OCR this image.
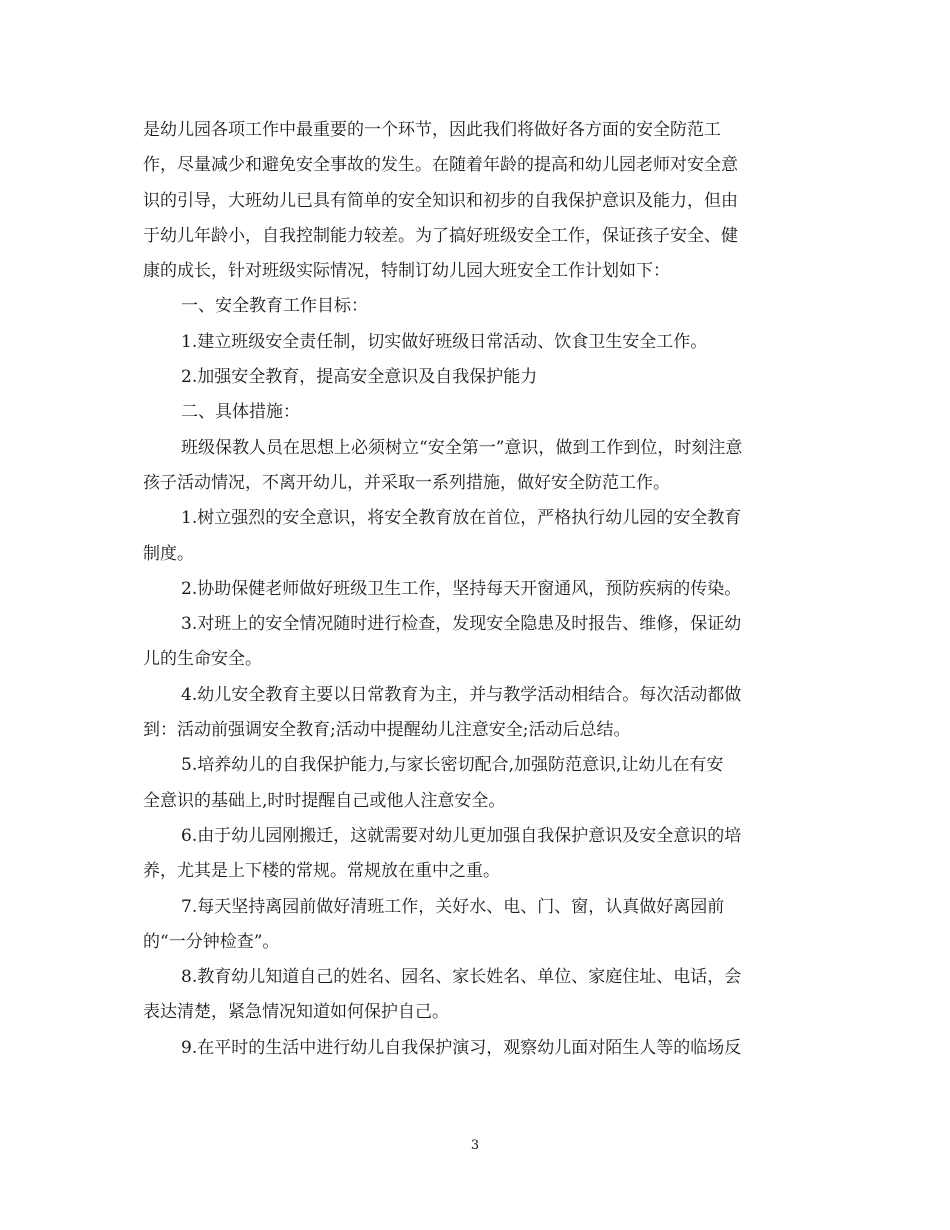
是幼儿园各项工作中最重要的一个环节，因此我们将做好各方面的安全防范工
作，尽量减少和避免安全事故的发生。在随着年龄的提高和幼儿园老师对安全意
识的引导，大班幼儿已具有简单的安全知识和初步的自我保护意识及能力，但由
于幼儿年龄小，自我控制能力较差。为了搞好班级安全工作，保证孩子安全、健
康的成长，针对班级实际情况，特制订幼儿园大班安全工作计划如下：
一、安全教育工作目标：
1.建立班级安全责任制，切实做好班级日常活动、饮食卫生安全工作。
2.加强安全教育，提高安全意识及自我保护能力
二、具体措施：
班级保教人员在思想上必须树立“安全第一”意识，做到工作到位，时刻注意
孩子活动情况，不离开幼儿，并采取一系列措施，做好安全防范工作。
1.树立强烈的安全意识，将安全教育放在首位，严格执行幼儿园的安全教育
制度。
2.协助保健老师做好班级卫生工作，坚持每天开窗通风，预防疾病的传染。
3.对班上的安全情况随时进行检查，发现安全隐患及时报告、维修，保证幼
儿的生命安全。
4.幼儿安全教育主要以日常教育为主，并与教学活动相结合。每次活动都做
到：活动前强调安全教育;活动中提醒幼儿注意安全;活动后总结。
5.培养幼儿的自我保护能力,与家长密切配合,加强防范意识,让幼儿在有安
全意识的基础上,时时提醒自己或他人注意安全。
6.由于幼儿园刚搬迁，这就需要对幼儿更加强自我保护意识及安全意识的培
养，尤其是上下楼的常规。常规放在重中之重。
7.每天坚持离园前做好清班工作，关好水、电、门、窗，认真做好离园前
的“一分钟检查”。
8.教育幼儿知道自己的姓名、园名、家长姓名、单位、家庭住址、电话，会
表达清楚，紧急情况知道如何保护自己。
9.在平时的生活中进行幼儿自我保护演习，观察幼儿面对陌生人等的临场反
3
